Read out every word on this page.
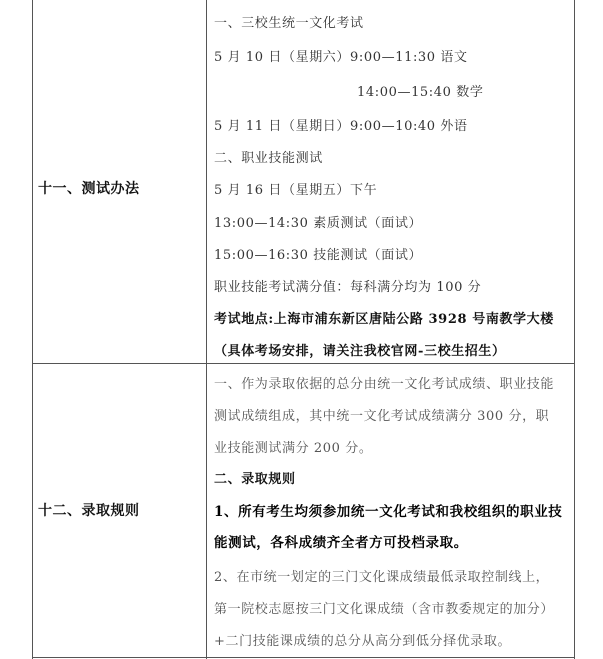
十一、测试办法
一、三校生统一文化考试
5 月 10 日（星期六）9:00—11:30 语文
14:00—15:40 数学
5 月 11 日（星期日）9:00—10:40 外语
二、职业技能测试
5 月 16 日（星期五）下午
13:00—14:30 素质测试（面试）
15:00—16:30 技能测试（面试）
职业技能考试满分值：每科满分均为 100 分
考试地点:上海市浦东新区唐陆公路 3928 号南教学大楼
（具体考场安排，请关注我校官网-三校生招生）
十二、录取规则
一、作为录取依据的总分由统一文化考试成绩、职业技能
测试成绩组成，其中统一文化考试成绩满分 300 分，职
业技能测试满分 200 分。
二、录取规则
1、所有考生均须参加统一文化考试和我校组织的职业技
能测试，各科成绩齐全者方可投档录取。
2、在市统一划定的三门文化课成绩最低录取控制线上，
第一院校志愿按三门文化课成绩（含市教委规定的加分）
+二门技能课成绩的总分从高分到低分择优录取。
